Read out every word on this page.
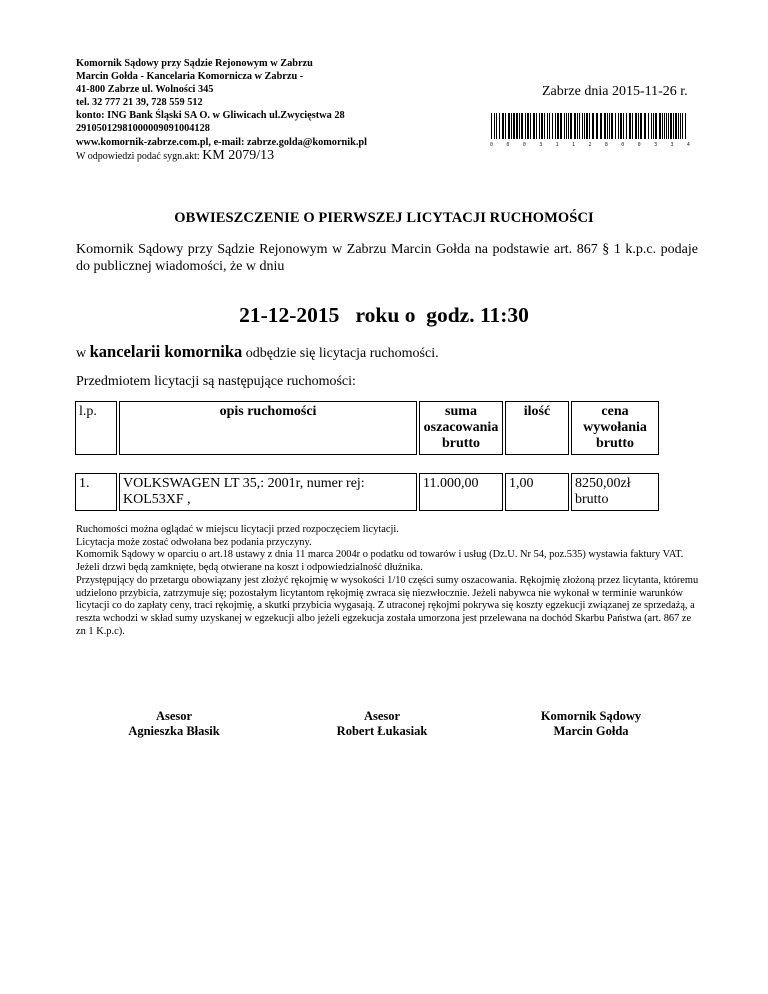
Komornik Sądowy przy Sądzie Rejonowym w Zabrzu
Marcin Gołda - Kancelaria Komornicza w Zabrzu -
41-800 Zabrze ul. Wolności 345
tel. 32 777 21 39, 728 559 512
konto: ING Bank Śląski SA O. w Gliwicach ul.Zwycięstwa 28
29105012981000009091004128
www.komornik-zabrze.com.pl, e-mail: zabrze.golda@komornik.pl
W odpowiedzi podać sygn.akt: KM 2079/13
Zabrze dnia 2015-11-26 r.
0	0	0	3	1	1	2	8	0	0	3	3	4
OBWIESZCZENIE O PIERWSZEJ LICYTACJI RUCHOMOŚCI
Komornik Sądowy przy Sądzie Rejonowym w Zabrzu Marcin Gołda na podstawie art. 867 § 1 k.p.c. podaje do publicznej wiadomości, że w dniu
21-12-2015   roku o  godz. 11:30
w kancelarii komornika odbędzie się licytacja ruchomości.
Przedmiotem licytacji są następujące ruchomości:
l.p.	opis ruchomości	suma oszacowania brutto	ilość	cena wywołania brutto

1.	VOLKSWAGEN LT 35,: 2001r, numer rej: KOL53XF ,	11.000,00	1,00	8250,00zł brutto
Ruchomości można oglądać w miejscu licytacji przed rozpoczęciem licytacji.
Licytacja może zostać odwołana bez podania przyczyny.
Komornik Sądowy w oparciu o art.18 ustawy z dnia 11 marca 2004r o podatku od towarów i usług (Dz.U. Nr 54, poz.535) wystawia faktury VAT.
Jeżeli drzwi będą zamknięte, będą otwierane na koszt i odpowiedzialność dłużnika.
Przystępujący do przetargu obowiązany jest złożyć rękojmię w wysokości 1/10 części sumy oszacowania. Rękojmię złożoną przez licytanta, któremu udzielono przybicia, zatrzymuje się; pozostałym licytantom rękojmię zwraca się niezwłocznie. Jeżeli nabywca nie wykonał w terminie warunków licytacji co do zapłaty ceny, traci rękojmię, a skutki przybicia wygasają. Z utraconej rękojmi pokrywa się koszty egzekucji związanej ze sprzedażą, a reszta wchodzi w skład sumy uzyskanej w egzekucji albo jeżeli egzekucja została umorzona jest przelewana na dochód Skarbu Państwa (art. 867 ze zn 1 K.p.c).
Asesor
Agnieszka Błasik
Asesor
Robert Łukasiak
Komornik Sądowy
Marcin Gołda
